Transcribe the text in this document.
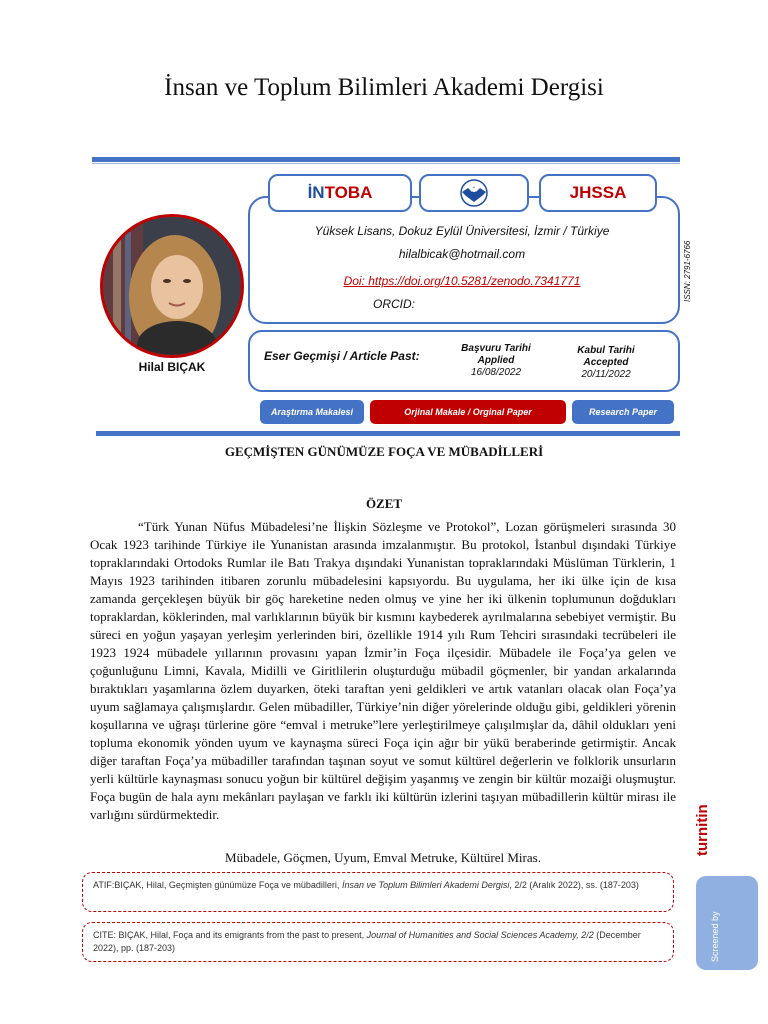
İnsan ve Toplum Bilimleri Akademi Dergisi
Hilal BIÇAK
İNTOBA	JHSSA
Yüksek Lisans, Dokuz Eylül Üniversitesi, İzmir / Türkiye
hilalbicak@hotmail.com
Doi: https://doi.org/10.5281/zenodo.7341771
ORCID:
ISSN: 2791-6766
Eser Geçmişi / Article Past:
Başvuru Tarihi
Applied
16/08/2022
Kabul Tarihi
Accepted
20/11/2022
Araştırma Makalesi	Orjinal Makale / Orginal Paper	Research Paper
GEÇMİŞTEN GÜNÜMÜZE FOÇA VE MÜBADİLLERİ
ÖZET

“Türk Yunan Nüfus Mübadelesi’ne İlişkin Sözleşme ve Protokol”, Lozan görüşmeleri sırasında 30 Ocak 1923 tarihinde Türkiye ile Yunanistan arasında imzalanmıştır. Bu protokol, İstanbul dışındaki Türkiye topraklarındaki Ortodoks Rumlar ile Batı Trakya dışındaki Yunanistan topraklarındaki Müslüman Türklerin, 1 Mayıs 1923 tarihinden itibaren zorunlu mübadelesini kapsıyordu. Bu uygulama, her iki ülke için de kısa zamanda gerçekleşen büyük bir göç hareketine neden olmuş ve yine her iki ülkenin toplumunun doğdukları topraklardan, köklerinden, mal varlıklarının büyük bir kısmını kaybederek ayrılmalarına sebebiyet vermiştir. Bu süreci en yoğun yaşayan yerleşim yerlerinden biri, özellikle 1914 yılı Rum Tehciri sırasındaki tecrübeleri ile 1923 1924 mübadele yıllarının provasını yapan İzmir’in Foça ilçesidir. Mübadele ile Foça’ya gelen ve çoğunluğunu Limni, Kavala, Midilli ve Giritlilerin oluşturduğu mübadil göçmenler, bir yandan arkalarında bıraktıkları yaşamlarına özlem duyarken, öteki taraftan yeni geldikleri ve artık vatanları olacak olan Foça’ya uyum sağlamaya çalışmışlardır. Gelen mübadiller, Türkiye’nin diğer yörelerinde olduğu gibi, geldikleri yörenin koşullarına ve uğraşı türlerine göre “emval i metruke”lere yerleştirilmeye çalışılmışlar da, dâhil oldukları yeni topluma ekonomik yönden uyum ve kaynaşma süreci Foça için ağır bir yükü beraberinde getirmiştir. Ancak diğer taraftan Foça’ya mübadiller tarafından taşınan soyut ve somut kültürel değerlerin ve folklorik unsurların yerli kültürle kaynaşması sonucu yoğun bir kültürel değişim yaşanmış ve zengin bir kültür mozaiği oluşmuştur. Foça bugün de hala aynı mekânları paylaşan ve farklı iki kültürün izlerini taşıyan mübadillerin kültür mirası ile varlığını sürdürmektedir.

Mübadele, Göçmen, Uyum, Emval Metruke, Kültürel Miras.
ATIF:BIÇAK, Hilal, Geçmişten günümüze Foça ve mübadilleri, İnsan ve Toplum Bilimleri Akademi Dergisi, 2/2 (Aralık 2022), ss. (187-203)
CITE: BIÇAK, Hilal, Foça and its emigrants from the past to present, Journal of Humanities and Social Sciences Academy, 2/2 (December 2022), pp. (187-203)
turnitin
Screened by
